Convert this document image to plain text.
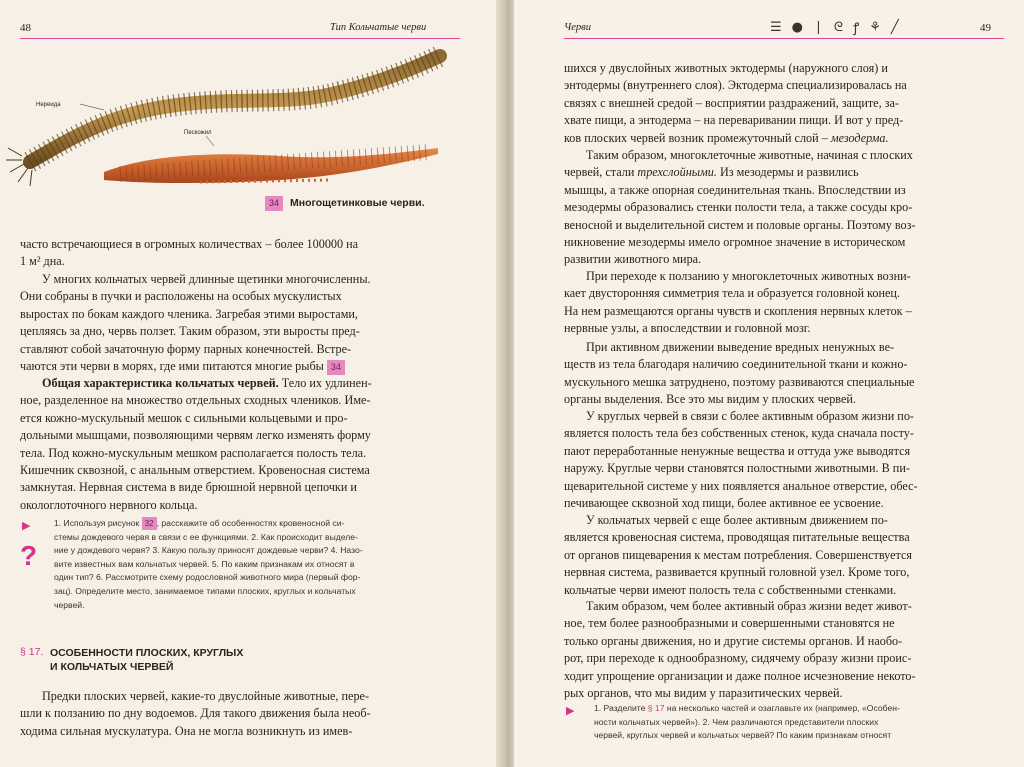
48	Тип Кольчатые черви
Нереида
Пескожил
34 Многощетинковые черви.

часто встречающиеся в огромных количествах – более 100000 на
1 м² дна.

У многих кольчатых червей длинные щетинки многочисленны.
Они собраны в пучки и расположены на особых мускулистых
выростах по бокам каждого членика. Загребая этими выростами,
цепляясь за дно, червь ползет. Таким образом, эти выросты пред-
ставляют собой зачаточную форму парных конечностей. Встре-
чаются эти черви в морях, где ими питаются многие рыбы 34

Общая характеристика кольчатых червей. Тело их удлинен-
ное, разделенное на множество отдельных сходных члеников. Име-
ется кожно-мускульный мешок с сильными кольцевыми и про-
дольными мышцами, позволяющими червям легко изменять форму
тела. Под кожно-мускульным мешком располагается полость тела.
Кишечник сквозной, с анальным отверстием. Кровеносная система
замкнутая. Нервная система в виде брюшной нервной цепочки и
окологлоточного нервного кольца.

▶
?

1. Используя рисунок 32 , расскажите об особенностях кровеносной си-
стемы дождевого червя в связи с ее функциями. 2. Как происходит выделе-
ние у дождевого червя? 3. Какую пользу приносят дождевые черви? 4. Назо-
вите известных вам кольчатых червей. 5. По каким признакам их относят в
один тип? 6. Рассмотрите схему родословной животного мира (первый фор-
зац). Определите место, занимаемое типами плоских, круглых и кольчатых
червей.

§ 17. ОСОБЕННОСТИ ПЛОСКИХ, КРУГЛЫХ
И КОЛЬЧАТЫХ ЧЕРВЕЙ

Предки плоских червей, какие-то двуслойные животные, пере-
шли к ползанию по дну водоемов. Для такого движения была необ-
ходима сильная мускулатура. Она не могла возникнуть из имев-

Черви	☰ ● ❘ ᘓ ꝭ ⚘ ╱	49

шихся у двуслойных животных эктодермы (наружного слоя) и
энтодермы (внутреннего слоя). Эктодерма специализировалась на
связях с внешней средой – восприятии раздражений, защите, за-
хвате пищи, а энтодерма – на переваривании пищи. И вот у пред-
ков плоских червей возник промежуточный слой – мезодерма.

Таким образом, многоклеточные животные, начиная с плоских
червей, стали трехслойными. Из мезодермы и развились
мышцы, а также опорная соединительная ткань. Впоследствии из
мезодермы образовались стенки полости тела, а также сосуды кро-
веносной и выделительной систем и половые органы. Поэтому воз-
никновение мезодермы имело огромное значение в историческом
развитии животного мира.

При переходе к ползанию у многоклеточных животных возни-
кает двусторонняя симметрия тела и образуется головной конец.
На нем размещаются органы чувств и скопления нервных клеток –
нервные узлы, а впоследствии и головной мозг.

При активном движении выведение вредных ненужных ве-
ществ из тела благодаря наличию соединительной ткани и кожно-
мускульного мешка затруднено, поэтому развиваются специальные
органы выделения. Все это мы видим у плоских червей.

У круглых червей в связи с более активным образом жизни по-
является полость тела без собственных стенок, куда сначала посту-
пают переработанные ненужные вещества и оттуда уже выводятся
наружу. Круглые черви становятся полостными животными. В пи-
щеварительной системе у них появляется анальное отверстие, обес-
печивающее сквозной ход пищи, более активное ее усвоение.

У кольчатых червей с еще более активным движением по-
является кровеносная система, проводящая питательные вещества
от органов пищеварения к местам потребления. Совершенствуется
нервная система, развивается крупный головной узел. Кроме того,
кольчатые черви имеют полость тела с собственными стенками.

Таким образом, чем более активный образ жизни ведет живот-
ное, тем более разнообразными и совершенными становятся не
только органы движения, но и другие системы органов. И наобо-
рот, при переходе к однообразному, сидячему образу жизни проис-
ходит упрощение организации и даже полное исчезновение некото-
рых органов, что мы видим у паразитических червей.

▶ 1. Разделите § 17 на несколько частей и озаглавьте их (например, «Особен-
ности кольчатых червей»). 2. Чем различаются представители плоских
червей, круглых червей и кольчатых червей? По каким признакам относят
